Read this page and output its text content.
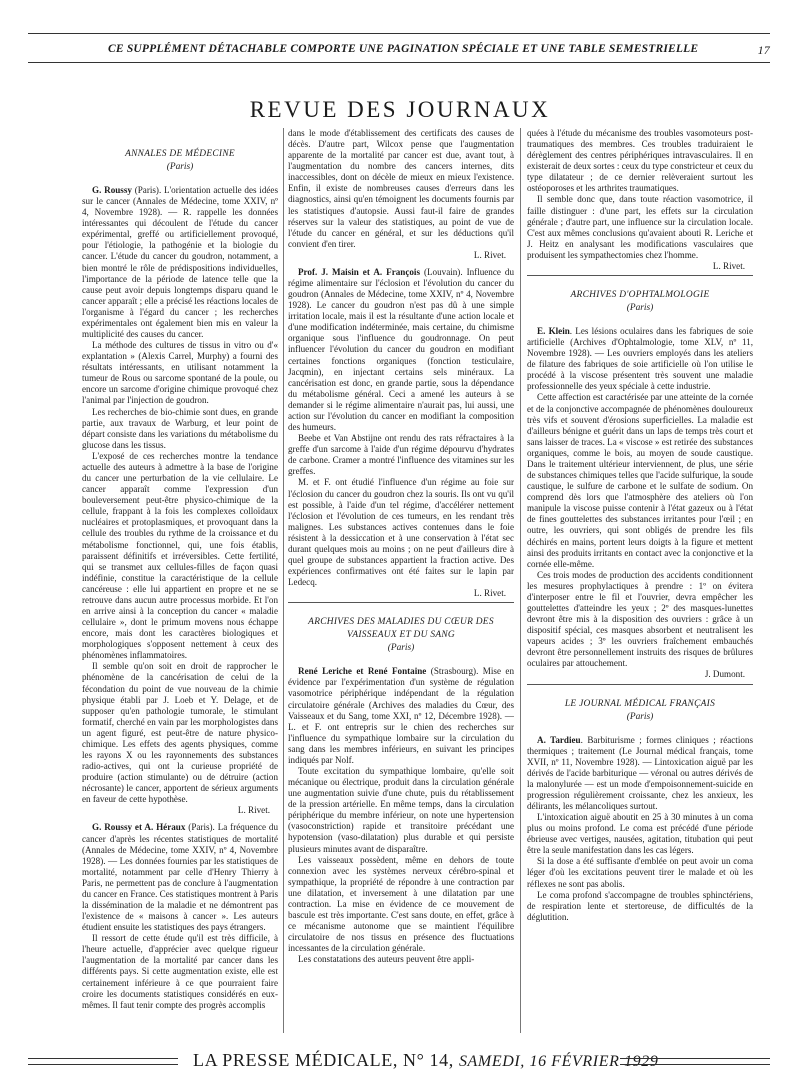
CE SUPPLÉMENT DÉTACHABLE COMPORTE UNE PAGINATION SPÉCIALE ET UNE TABLE SEMESTRIELLE	17
REVUE DES JOURNAUX
ANNALES DE MÉDECINE
(Paris)

G. Roussy (Paris). L'orientation actuelle des idées sur le cancer (Annales de Médecine, tome XXIV, nº 4, Novembre 1928). — R. rappelle les données intéressantes qui découlent de l'étude du cancer expérimental, greffé ou artificiellement provoqué, pour l'étiologie, la pathogénie et la biologie du cancer. L'étude du cancer du goudron, notamment, a bien montré le rôle de prédispositions individuelles, l'importance de la période de latence telle que la cause peut avoir depuis longtemps disparu quand le cancer apparaît ; elle a précisé les réactions locales de l'organisme à l'égard du cancer ; les recherches expérimentales ont également bien mis en valeur la multiplicité des causes du cancer.

La méthode des cultures de tissus in vitro ou d'« explantation » (Alexis Carrel, Murphy) a fourni des résultats intéressants, en utilisant notamment la tumeur de Rous ou sarcome spontané de la poule, ou encore un sarcome d'origine chimique provoqué chez l'animal par l'injection de goudron.

Les recherches de bio-chimie sont dues, en grande partie, aux travaux de Warburg, et leur point de départ consiste dans les variations du métabolisme du glucose dans les tissus.

L'exposé de ces recherches montre la tendance actuelle des auteurs à admettre à la base de l'origine du cancer une perturbation de la vie cellulaire. Le cancer apparaît comme l'expression d'un bouleversement peut-être physico-chimique de la cellule, frappant à la fois les complexes colloïdaux nucléaires et protoplasmiques, et provoquant dans la cellule des troubles du rythme de la croissance et du métabolisme fonctionnel, qui, une fois établis, paraissent définitifs et irréversibles. Cette fertilité, qui se transmet aux cellules-filles de façon quasi indéfinie, constitue la caractéristique de la cellule cancéreuse : elle lui appartient en propre et ne se retrouve dans aucun autre processus morbide. Et l'on en arrive ainsi à la conception du cancer « maladie cellulaire », dont le primum movens nous échappe encore, mais dont les caractères biologiques et morphologiques s'opposent nettement à ceux des phénomènes inflammatoires.

Il semble qu'on soit en droit de rapprocher le phénomène de la cancérisation de celui de la fécondation du point de vue nouveau de la chimie physique établi par J. Loeb et Y. Delage, et de supposer qu'en pathologie tumorale, le stimulant formatif, cherché en vain par les morphologistes dans un agent figuré, est peut-être de nature physico-chimique. Les effets des agents physiques, comme les rayons X ou les rayonnements des substances radio-actives, qui ont la curieuse propriété de produire (action stimulante) ou de détruire (action nécrosante) le cancer, apportent de sérieux arguments en faveur de cette hypothèse.

L. Rivet.

G. Roussy et A. Héraux (Paris). La fréquence du cancer d'après les récentes statistiques de mortalité (Annales de Médecine, tome XXIV, nº 4, Novembre 1928). — Les données fournies par les statistiques de mortalité, notamment par celle d'Henry Thierry à Paris, ne permettent pas de conclure à l'augmentation du cancer en France. Ces statistiques montrent à Paris la dissémination de la maladie et ne démontrent pas l'existence de « maisons à cancer ». Les auteurs étudient ensuite les statistiques des pays étrangers.

Il ressort de cette étude qu'il est très difficile, à l'heure actuelle, d'apprécier avec quelque rigueur l'augmentation de la mortalité par cancer dans les différents pays. Si cette augmentation existe, elle est certainement inférieure à ce que pourraient faire croire les documents statistiques considérés en eux-mêmes. Il faut tenir compte des progrès accomplis

dans le mode d'établissement des certificats des causes de décès. D'autre part, Wilcox pense que l'augmentation apparente de la mortalité par cancer est due, avant tout, à l'augmentation du nombre des cancers internes, dits inaccessibles, dont on décèle de mieux en mieux l'existence. Enfin, il existe de nombreuses causes d'erreurs dans les diagnostics, ainsi qu'en témoignent les documents fournis par les statistiques d'autopsie. Aussi faut-il faire de grandes réserves sur la valeur des statistiques, au point de vue de l'étude du cancer en général, et sur les déductions qu'il convient d'en tirer.

L. Rivet.

Prof. J. Maisin et A. François (Louvain). Influence du régime alimentaire sur l'éclosion et l'évolution du cancer du goudron (Annales de Médecine, tome XXIV, nº 4, Novembre 1928). Le cancer du goudron n'est pas dû à une simple irritation locale, mais il est la résultante d'une action locale et d'une modification indéterminée, mais certaine, du chimisme organique sous l'influence du goudronnage. On peut influencer l'évolution du cancer du goudron en modifiant certaines fonctions organiques (fonction testiculaire, Jacqmin), en injectant certains sels minéraux. La cancérisation est donc, en grande partie, sous la dépendance du métabolisme général. Ceci a amené les auteurs à se demander si le régime alimentaire n'aurait pas, lui aussi, une action sur l'évolution du cancer en modifiant la composition des humeurs.

Beebe et Van Abstijne ont rendu des rats réfractaires à la greffe d'un sarcome à l'aide d'un régime dépourvu d'hydrates de carbone. Cramer a montré l'influence des vitamines sur les greffes.

M. et F. ont étudié l'influence d'un régime au foie sur l'éclosion du cancer du goudron chez la souris. Ils ont vu qu'il est possible, à l'aide d'un tel régime, d'accélérer nettement l'éclosion et l'évolution de ces tumeurs, en les rendant très malignes. Les substances actives contenues dans le foie résistent à la dessiccation et à une conservation à l'état sec durant quelques mois au moins ; on ne peut d'ailleurs dire à quel groupe de substances appartient la fraction active. Des expériences confirmatives ont été faites sur le lapin par Ledecq.

L. Rivet.

ARCHIVES DES MALADIES DU CŒUR DES VAISSEAUX ET DU SANG
(Paris)

René Leriche et René Fontaine (Strasbourg). Mise en évidence par l'expérimentation d'un système de régulation vasomotrice périphérique indépendant de la régulation circulatoire générale (Archives des maladies du Cœur, des Vaisseaux et du Sang, tome XXI, nº 12, Décembre 1928). — L. et F. ont entrepris sur le chien des recherches sur l'influence du sympathique lombaire sur la circulation du sang dans les membres inférieurs, en suivant les principes indiqués par Nolf.

Toute excitation du sympathique lombaire, qu'elle soit mécanique ou électrique, produit dans la circulation générale une augmentation suivie d'une chute, puis du rétablissement de la pression artérielle. En même temps, dans la circulation périphérique du membre inférieur, on note une hypertension (vasoconstriction) rapide et transitoire précédant une hypotension (vaso-dilatation) plus durable et qui persiste plusieurs minutes avant de disparaître.

Les vaisseaux possèdent, même en dehors de toute connexion avec les systèmes nerveux cérébro-spinal et sympathique, la propriété de répondre à une contraction par une dilatation, et inversement à une dilatation par une contraction. La mise en évidence de ce mouvement de bascule est très importante. C'est sans doute, en effet, grâce à ce mécanisme autonome que se maintient l'équilibre circulatoire de nos tissus en présence des fluctuations incessantes de la circulation générale.

Les constatations des auteurs peuvent être appli-

quées à l'étude du mécanisme des troubles vasomoteurs post-traumatiques des membres. Ces troubles traduiraient le dérèglement des centres périphériques intravasculaires. Il en existerait de deux sortes : ceux du type constricteur et ceux du type dilatateur ; de ce dernier relèveraient surtout les ostéoporoses et les arthrites traumatiques.

Il semble donc que, dans toute réaction vasomotrice, il faille distinguer : d'une part, les effets sur la circulation générale ; d'autre part, une influence sur la circulation locale. C'est aux mêmes conclusions qu'avaient abouti R. Leriche et J. Heitz en analysant les modifications vasculaires que produisent les sympathectomies chez l'homme.

L. Rivet.

ARCHIVES D'OPHTALMOLOGIE
(Paris)

E. Klein. Les lésions oculaires dans les fabriques de soie artificielle (Archives d'Ophtalmologie, tome XLV, nº 11, Novembre 1928). — Les ouvriers employés dans les ateliers de filature des fabriques de soie artificielle où l'on utilise le procédé à la viscose présentent très souvent une maladie professionnelle des yeux spéciale à cette industrie.

Cette affection est caractérisée par une atteinte de la cornée et de la conjonctive accompagnée de phénomènes douloureux très vifs et souvent d'érosions superficielles. La maladie est d'ailleurs bénigne et guérit dans un laps de temps très court et sans laisser de traces. La « viscose » est retirée des substances organiques, comme le bois, au moyen de soude caustique. Dans le traitement ultérieur interviennent, de plus, une série de substances chimiques telles que l'acide sulfurique, la soude caustique, le sulfure de carbone et le sulfate de sodium. On comprend dès lors que l'atmosphère des ateliers où l'on manipule la viscose puisse contenir à l'état gazeux ou à l'état de fines gouttelettes des substances irritantes pour l'œil ; en outre, les ouvriers, qui sont obligés de prendre les fils déchirés en mains, portent leurs doigts à la figure et mettent ainsi des produits irritants en contact avec la conjonctive et la cornée elle-même.

Ces trois modes de production des accidents conditionnent les mesures prophylactiques à prendre : 1º on évitera d'interposer entre le fil et l'ouvrier, devra empêcher les gouttelettes d'atteindre les yeux ; 2º des masques-lunettes devront être mis à la disposition des ouvriers : grâce à un dispositif spécial, ces masques absorbent et neutralisent les vapeurs acides ; 3º les ouvriers fraîchement embauchés devront être personnellement instruits des risques de brûlures oculaires par attouchement.

J. Dumont.

LE JOURNAL MÉDICAL FRANÇAIS
(Paris)

A. Tardieu. Barbiturisme ; formes cliniques ; réactions thermiques ; traitement (Le Journal médical français, tome XVII, nº 11, Novembre 1928). — Lintoxication aiguë par les dérivés de l'acide barbiturique — véronal ou autres dérivés de la malonylurée — est un mode d'empoisonnement-suicide en progression régulièrement croissante, chez les anxieux, les délirants, les mélancoliques surtout.

L'intoxication aiguë aboutit en 25 à 30 minutes à un coma plus ou moins profond. Le coma est précédé d'une période ébrieuse avec vertiges, nausées, agitation, titubation qui peut être la seule manifestation dans les cas légers.

Si la dose a été suffisante d'emblée on peut avoir un coma léger d'où les excitations peuvent tirer le malade et où les réflexes ne sont pas abolis.

Le coma profond s'accompagne de troubles sphinctériens, de respiration lente et stertoreuse, de difficultés de la déglutition.

LA PRESSE MÉDICALE, N° 14, SAMEDI, 16 FÉVRIER 1929
